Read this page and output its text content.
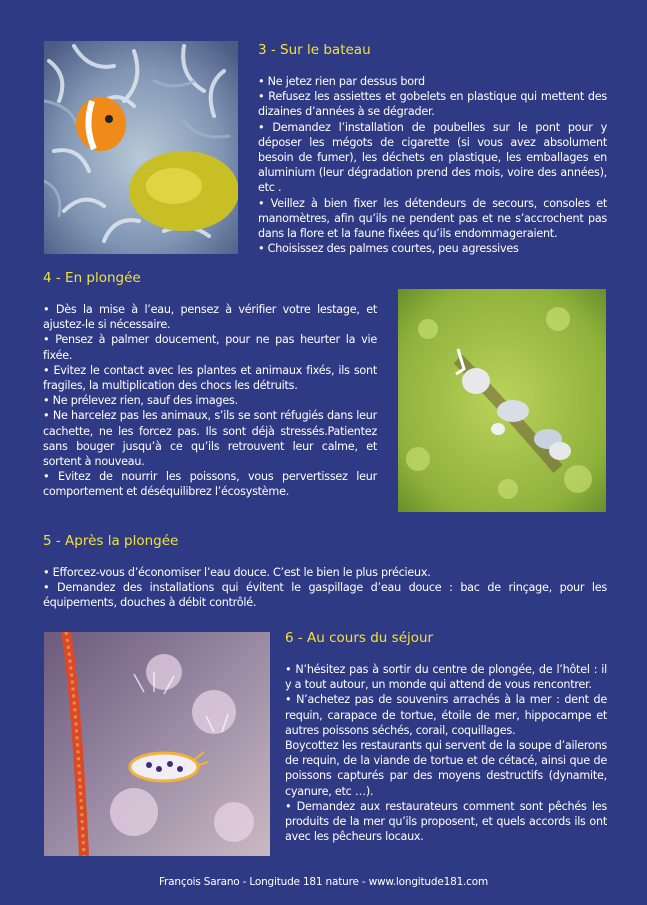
3 - Sur le bateau

• Ne jetez rien par dessus bord

• Refusez les assiettes et gobelets en plastique qui mettent des dizaines d’années à se dégrader.

• Demandez l’installation de poubelles sur le pont pour y déposer les mégots de cigarette (si vous avez absolument besoin de fumer), les déchets en plastique, les emballages en aluminium (leur dégradation prend des mois, voire des années), etc .

• Veillez à bien fixer les détendeurs de secours, consoles et manomètres, afin qu’ils ne pendent pas et ne s’accrochent pas dans la flore et la faune fixées qu’ils endommageraient.

• Choisissez des palmes courtes, peu agressives

4 - En plongée

• Dès la mise à l’eau, pensez à vérifier votre lestage, et ajustez-le si nécessaire.

• Pensez à palmer doucement, pour ne pas heurter la vie fixée.

• Evitez le contact avec les plantes et animaux fixés, ils sont fragiles, la multiplication des chocs les détruits.

• Ne prélevez rien, sauf des images.

• Ne harcelez pas les animaux, s’ils se sont réfugiés dans leur cachette, ne les forcez pas. Ils sont déjà stressés.Patientez sans bouger jusqu’à ce qu’ils retrouvent leur calme, et sortent à nouveau.

• Evitez de nourrir les poissons, vous pervertissez leur comportement et déséquilibrez l’écosystème.

5 - Après la plongée

• Efforcez-vous d’économiser l’eau douce. C’est le bien le plus précieux.

• Demandez des installations qui évitent le gaspillage d’eau douce : bac de rinçage, pour les équipements, douches à débit contrôlé.

6 - Au cours du séjour

• N’hésitez pas à sortir du centre de plongée, de l’hôtel : il y a tout autour, un monde qui attend de vous rencontrer.

• N’achetez pas de souvenirs arrachés à la mer : dent de requin, carapace de tortue, étoile de mer, hippocampe et autres poissons séchés, corail, coquillages.

Boycottez les restaurants qui servent de la soupe d’ailerons de requin, de la viande de tortue et de cétacé, ainsi que de poissons capturés par des moyens destructifs (dynamite, cyanure, etc …).

• Demandez aux restaurateurs comment sont pêchés les produits de la mer qu’ils proposent, et quels accords ils ont avec les pêcheurs locaux.

François Sarano - Longitude 181 nature - www.longitude181.com
